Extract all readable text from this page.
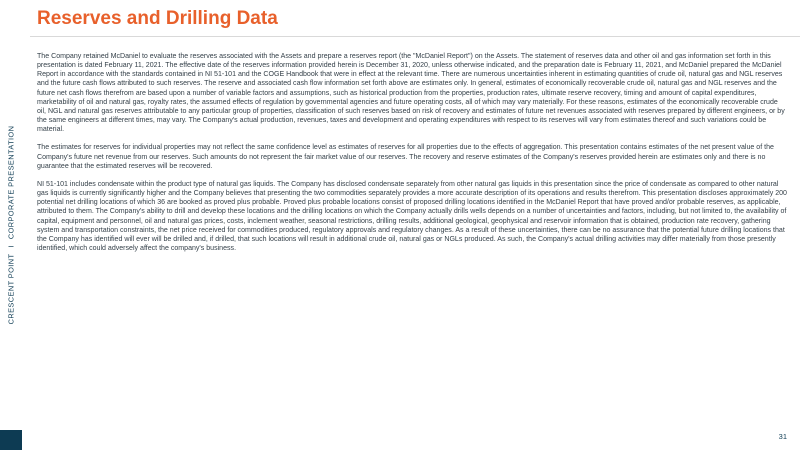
CRESCENT POINTICORPORATE PRESENTATION
Reserves and Drilling Data

The Company retained McDaniel to evaluate the reserves associated with the Assets and prepare a reserves report (the "McDaniel Report") on the Assets. The statement of reserves data and other oil and gas information set forth in this presentation is dated February 11, 2021. The effective date of the reserves information provided herein is December 31, 2020, unless otherwise indicated, and the preparation date is February 11, 2021, and McDaniel prepared the McDaniel Report in accordance with the standards contained in NI 51-101 and the COGE Handbook that were in effect at the relevant time. There are numerous uncertainties inherent in estimating quantities of crude oil, natural gas and NGL reserves and the future cash flows attributed to such reserves. The reserve and associated cash flow information set forth above are estimates only. In general, estimates of economically recoverable crude oil, natural gas and NGL reserves and the future net cash flows therefrom are based upon a number of variable factors and assumptions, such as historical production from the properties, production rates, ultimate reserve recovery, timing and amount of capital expenditures, marketability of oil and natural gas, royalty rates, the assumed effects of regulation by governmental agencies and future operating costs, all of which may vary materially. For these reasons, estimates of the economically recoverable crude oil, NGL and natural gas reserves attributable to any particular group of properties, classification of such reserves based on risk of recovery and estimates of future net revenues associated with reserves prepared by different engineers, or by the same engineers at different times, may vary. The Company's actual production, revenues, taxes and development and operating expenditures with respect to its reserves will vary from estimates thereof and such variations could be material.

The estimates for reserves for individual properties may not reflect the same confidence level as estimates of reserves for all properties due to the effects of aggregation. This presentation contains estimates of the net present value of the Company's future net revenue from our reserves. Such amounts do not represent the fair market value of our reserves. The recovery and reserve estimates of the Company's reserves provided herein are estimates only and there is no guarantee that the estimated reserves will be recovered.

NI 51-101 includes condensate within the product type of natural gas liquids. The Company has disclosed condensate separately from other natural gas liquids in this presentation since the price of condensate as compared to other natural gas liquids is currently significantly higher and the Company believes that presenting the two commodities separately provides a more accurate description of its operations and results therefrom. This presentation discloses approximately 200 potential net drilling locations of which 36 are booked as proved plus probable. Proved plus probable locations consist of proposed drilling locations identified in the McDaniel Report that have proved and/or probable reserves, as applicable, attributed to them. The Company's ability to drill and develop these locations and the drilling locations on which the Company actually drills wells depends on a number of uncertainties and factors, including, but not limited to, the availability of capital, equipment and personnel, oil and natural gas prices, costs, inclement weather, seasonal restrictions, drilling results, additional geological, geophysical and reservoir information that is obtained, production rate recovery, gathering system and transportation constraints, the net price received for commodities produced, regulatory approvals and regulatory changes. As a result of these uncertainties, there can be no assurance that the potential future drilling locations that the Company has identified will ever will be drilled and, if drilled, that such locations will result in additional crude oil, natural gas or NGLs produced. As such, the Company's actual drilling activities may differ materially from those presently identified, which could adversely affect the company's business.

31
